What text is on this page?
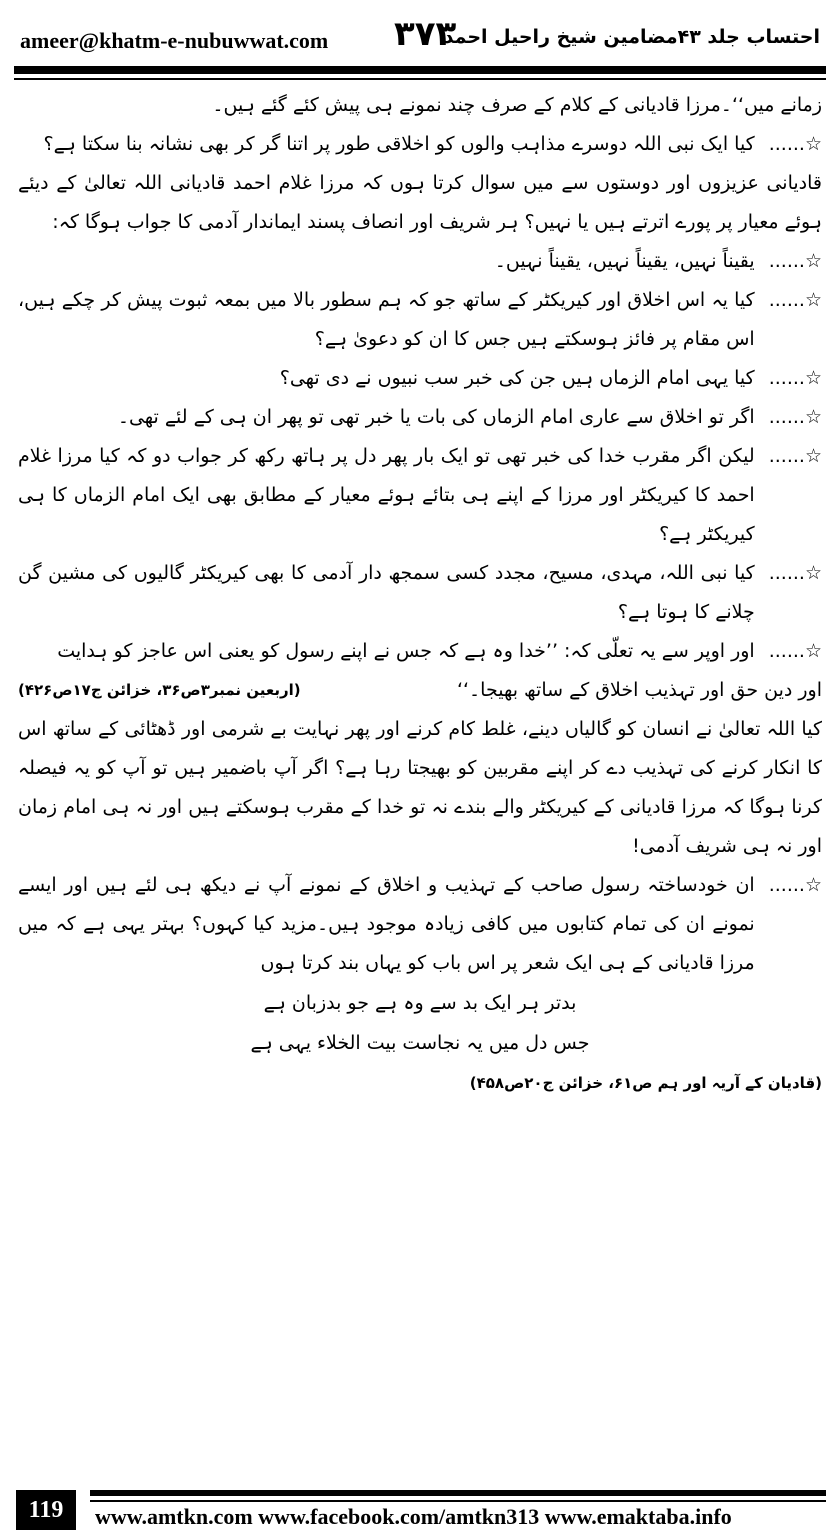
ameer@khatm-e-nubuwwat.com ۳۷۳
احتساب جلد ۴۳مضامین شیخ راحیل احمد

زمانے میں‘‘۔مرزا قادیانی کے کلام کے صرف چند نمونے ہی پیش کئے گئے ہیں۔

☆......
کیا ایک نبی اللہ دوسرے مذاہب والوں کو اخلاقی طور پر اتنا گر کر بھی نشانہ بنا سکتا ہے؟

قادیانی عزیزوں اور دوستوں سے میں سوال کرتا ہوں کہ مرزا غلام احمد قادیانی اللہ تعالیٰ کے دیئے ہوئے معیار پر پورے اترتے ہیں یا نہیں؟ ہر شریف اور انصاف پسند ایماندار آدمی کا جواب ہوگا کہ:

☆......
یقیناً نہیں، یقیناً نہیں، یقیناً نہیں۔
☆......
کیا یہ اس اخلاق اور کیریکٹر کے ساتھ جو کہ ہم سطور بالا میں بمعہ ثبوت پیش کر چکے ہیں، اس مقام پر فائز ہوسکتے ہیں جس کا ان کو دعویٰ ہے؟
☆......
کیا یہی امام الزماں ہیں جن کی خبر سب نبیوں نے دی تھی؟
☆......
اگر تو اخلاق سے عاری امام الزماں کی بات یا خبر تھی تو پھر ان ہی کے لئے تھی۔
☆......
لیکن اگر مقرب خدا کی خبر تھی تو ایک بار پھر دل پر ہاتھ رکھ کر جواب دو کہ کیا مرزا غلام احمد کا کیریکٹر اور مرزا کے اپنے ہی بتائے ہوئے معیار کے مطابق بھی ایک امام الزماں کا ہی کیریکٹر ہے؟
☆......
کیا نبی اللہ، مہدی، مسیح، مجدد کسی سمجھ دار آدمی کا بھی کیریکٹر گالیوں کی مشین گن چلانے کا ہوتا ہے؟
☆......
اور اوپر سے یہ تعلّی کہ: ’’خدا وہ ہے کہ جس نے اپنے رسول کو یعنی اس عاجز کو ہدایت
اور دین حق اور تہذیب اخلاق کے ساتھ بھیجا۔‘‘
(اربعین نمبر۳ص۳۶، خزائن ج۱۷ص۴۲۶)

کیا اللہ تعالیٰ نے انسان کو گالیاں دینے، غلط کام کرنے اور پھر نہایت بے شرمی اور ڈھٹائی کے ساتھ اس کا انکار کرنے کی تہذیب دے کر اپنے مقربین کو بھیجتا رہا ہے؟ اگر آپ باضمیر ہیں تو آپ کو یہ فیصلہ کرنا ہوگا کہ مرزا قادیانی کے کیریکٹر والے بندے نہ تو خدا کے مقرب ہوسکتے ہیں اور نہ ہی امام زمان اور نہ ہی شریف آدمی!

☆......
ان خودساختہ رسول صاحب کے تہذیب و اخلاق کے نمونے آپ نے دیکھ ہی لئے ہیں اور ایسے نمونے ان کی تمام کتابوں میں کافی زیادہ موجود ہیں۔مزید کیا کہوں؟ بہتر یہی ہے کہ میں مرزا قادیانی کے ہی ایک شعر پر اس باب کو یہاں بند کرتا ہوں
بدتر ہر ایک بد سے وہ ہے جو بدزبان ہے
جس دل میں یہ نجاست بیت الخلاء یہی ہے
(قادیان کے آریہ اور ہم ص۶۱، خزائن ج۲۰ص۴۵۸)
119	www.amtkn.com www.facebook.com/amtkn313 www.emaktaba.info
